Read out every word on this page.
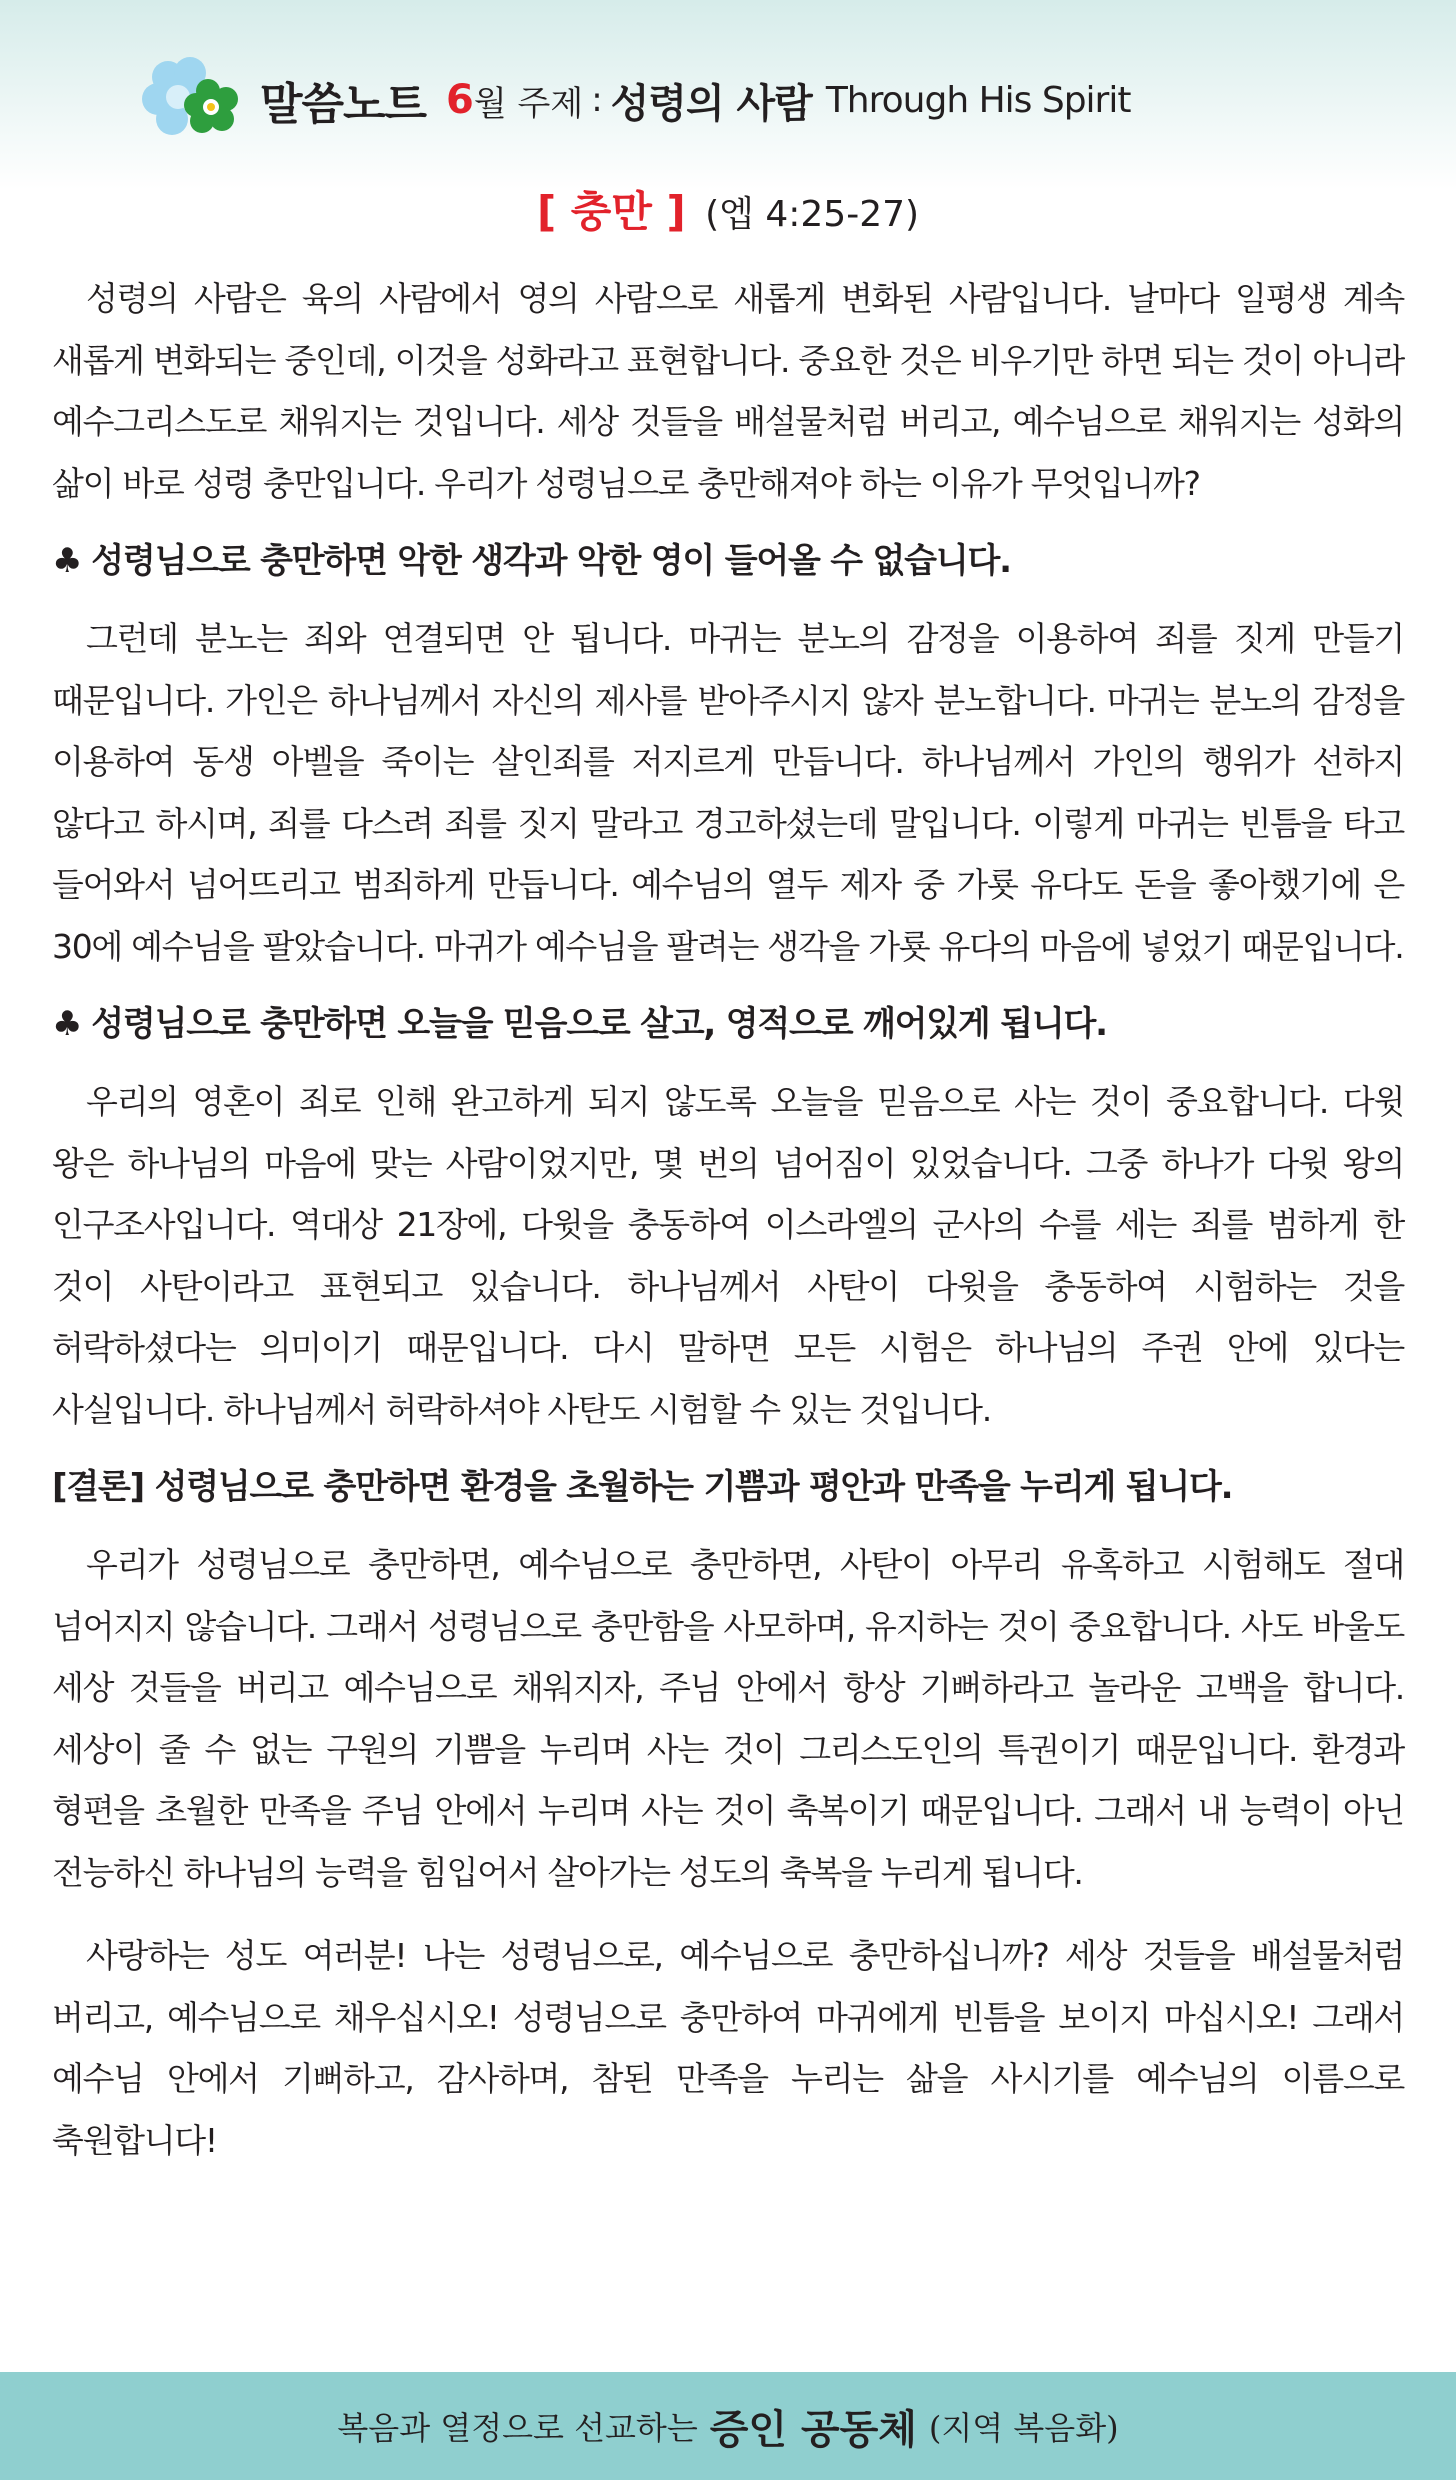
말씀노트 6 월 주제 : 성령의 사람 Through His Spirit
[ 충만 ] (엡 4:25-27)

성령의 사람은 육의 사람에서 영의 사람으로 새롭게 변화된 사람입니다. 날마다 일평생 계속 새롭게 변화되는 중인데, 이것을 성화라고 표현합니다. 중요한 것은 비우기만 하면 되는 것이 아니라 예수그리스도로 채워지는 것입니다. 세상 것들을 배설물처럼 버리고, 예수님으로 채워지는 성화의 삶이 바로 성령 충만입니다. 우리가 성령님으로 충만해져야 하는 이유가 무엇입니까?

♣ 성령님으로 충만하면 악한 생각과 악한 영이 들어올 수 없습니다.

그런데 분노는 죄와 연결되면 안 됩니다. 마귀는 분노의 감정을 이용하여 죄를 짓게 만들기 때문입니다. 가인은 하나님께서 자신의 제사를 받아주시지 않자 분노합니다. 마귀는 분노의 감정을 이용하여 동생 아벨을 죽이는 살인죄를 저지르게 만듭니다. 하나님께서 가인의 행위가 선하지 않다고 하시며, 죄를 다스려 죄를 짓지 말라고 경고하셨는데 말입니다. 이렇게 마귀는 빈틈을 타고 들어와서 넘어뜨리고 범죄하게 만듭니다. 예수님의 열두 제자 중 가룟 유다도 돈을 좋아했기에 은 30에 예수님을 팔았습니다. 마귀가 예수님을 팔려는 생각을 가룟 유다의 마음에 넣었기 때문입니다.

♣ 성령님으로 충만하면 오늘을 믿음으로 살고, 영적으로 깨어있게 됩니다.

우리의 영혼이 죄로 인해 완고하게 되지 않도록 오늘을 믿음으로 사는 것이 중요합니다. 다윗 왕은 하나님의 마음에 맞는 사람이었지만, 몇 번의 넘어짐이 있었습니다. 그중 하나가 다윗 왕의 인구조사입니다. 역대상 21장에, 다윗을 충동하여 이스라엘의 군사의 수를 세는 죄를 범하게 한 것이 사탄이라고 표현되고 있습니다. 하나님께서 사탄이 다윗을 충동하여 시험하는 것을 허락하셨다는 의미이기 때문입니다. 다시 말하면 모든 시험은 하나님의 주권 안에 있다는 사실입니다. 하나님께서 허락하셔야 사탄도 시험할 수 있는 것입니다.

[결론] 성령님으로 충만하면 환경을 초월하는 기쁨과 평안과 만족을 누리게 됩니다.

우리가 성령님으로 충만하면, 예수님으로 충만하면, 사탄이 아무리 유혹하고 시험해도 절대 넘어지지 않습니다. 그래서 성령님으로 충만함을 사모하며, 유지하는 것이 중요합니다. 사도 바울도 세상 것들을 버리고 예수님으로 채워지자, 주님 안에서 항상 기뻐하라고 놀라운 고백을 합니다. 세상이 줄 수 없는 구원의 기쁨을 누리며 사는 것이 그리스도인의 특권이기 때문입니다. 환경과 형편을 초월한 만족을 주님 안에서 누리며 사는 것이 축복이기 때문입니다. 그래서 내 능력이 아닌 전능하신 하나님의 능력을 힘입어서 살아가는 성도의 축복을 누리게 됩니다.

사랑하는 성도 여러분! 나는 성령님으로, 예수님으로 충만하십니까? 세상 것들을 배설물처럼 버리고, 예수님으로 채우십시오! 성령님으로 충만하여 마귀에게 빈틈을 보이지 마십시오! 그래서 예수님 안에서 기뻐하고, 감사하며, 참된 만족을 누리는 삶을 사시기를 예수님의 이름으로 축원합니다!

복음과 열정으로 선교하는 증인 공동체 (지역 복음화)
